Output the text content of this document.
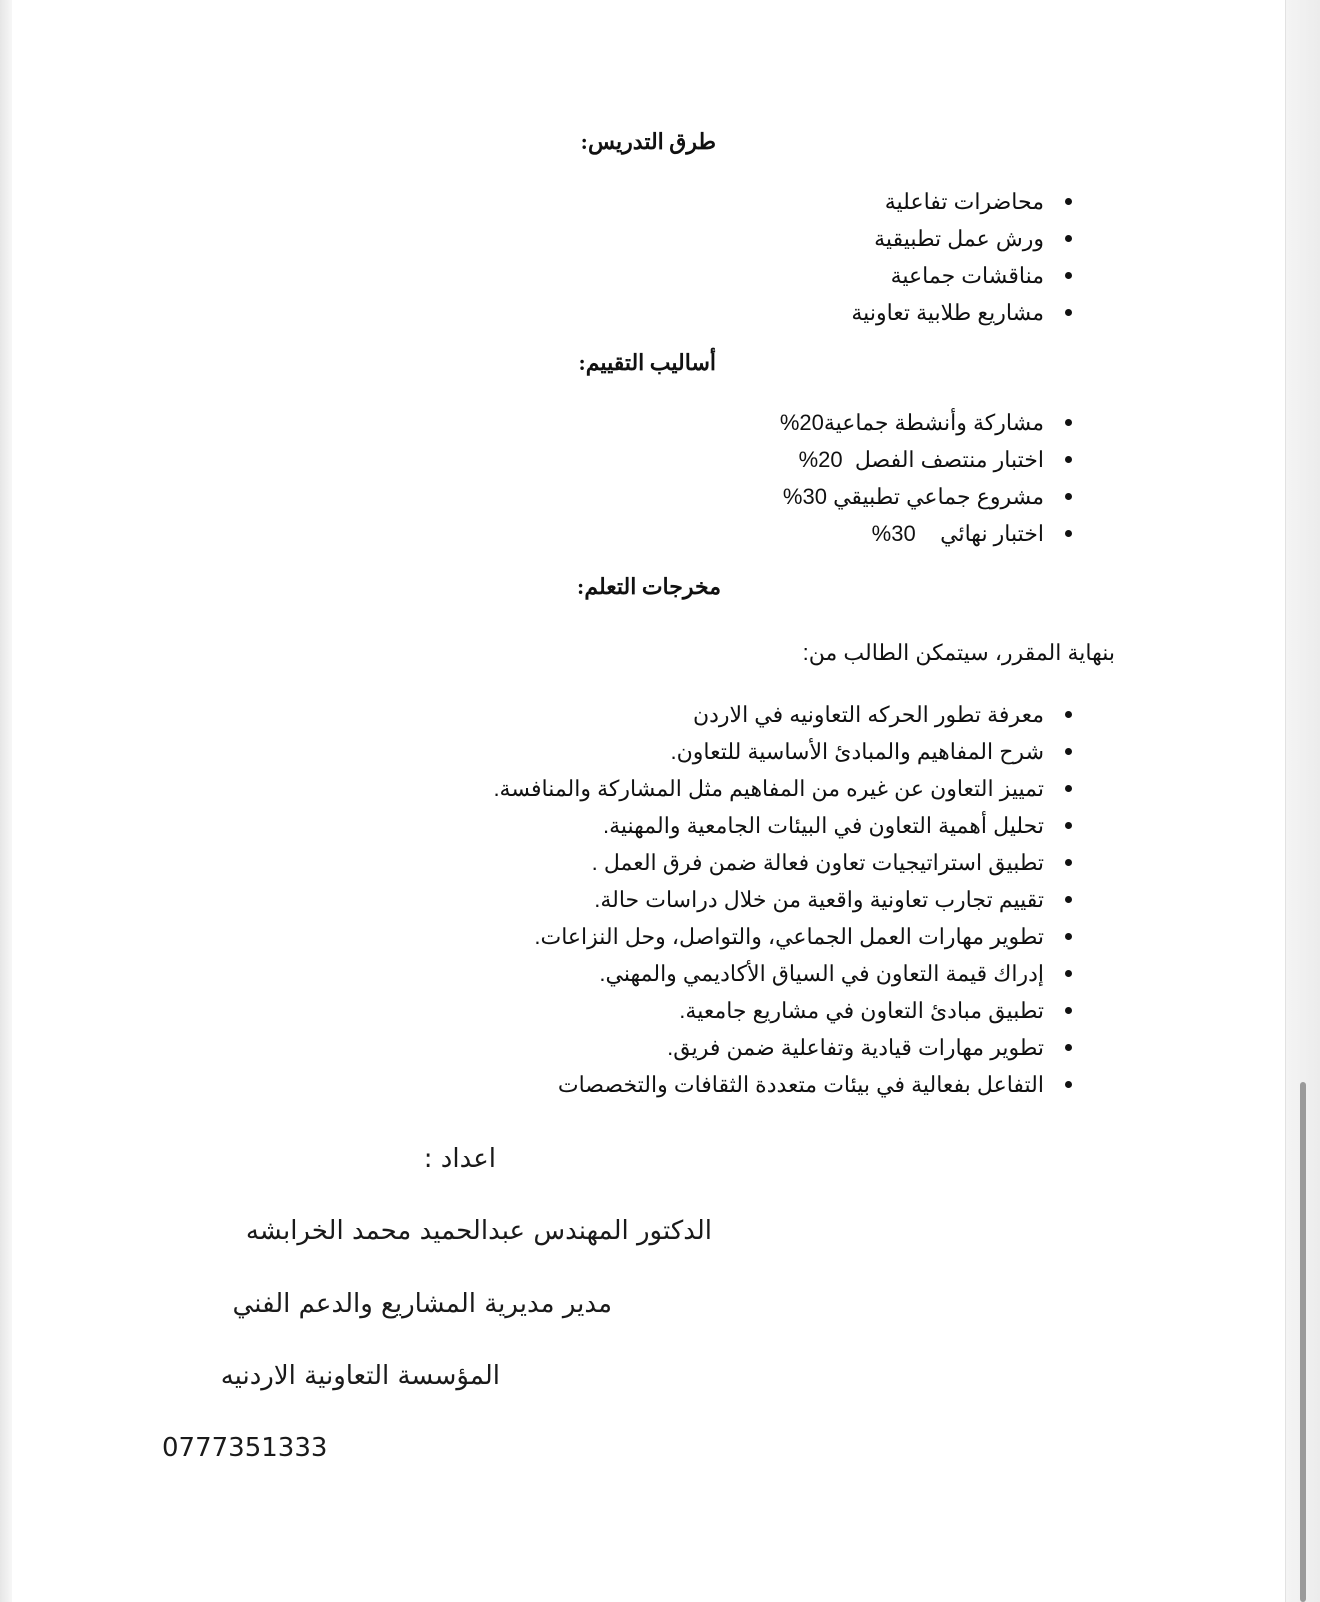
طرق التدريس:
محاضرات تفاعلية
ورش عمل تطبيقية
مناقشات جماعية
مشاريع طلابية تعاونية
أساليب التقييم:
مشاركة وأنشطة جماعية20%
اختبار منتصف الفصل  20%
مشروع جماعي تطبيقي 30%
اختبار نهائي    30%
مخرجات التعلم:
بنهاية المقرر، سيتمكن الطالب من:
معرفة تطور الحركه التعاونيه في الاردن
شرح المفاهيم والمبادئ الأساسية للتعاون.
تمييز التعاون عن غيره من المفاهيم مثل المشاركة والمنافسة.
تحليل أهمية التعاون في البيئات الجامعية والمهنية.
تطبيق استراتيجيات تعاون فعالة ضمن فرق العمل .
تقييم تجارب تعاونية واقعية من خلال دراسات حالة.
تطوير مهارات العمل الجماعي، والتواصل، وحل النزاعات.
إدراك قيمة التعاون في السياق الأكاديمي والمهني.
تطبيق مبادئ التعاون في مشاريع جامعية.
تطوير مهارات قيادية وتفاعلية ضمن فريق.
التفاعل بفعالية في بيئات متعددة الثقافات والتخصصات
اعداد :
الدكتور المهندس عبدالحميد محمد الخرابشه
مدير مديرية المشاريع والدعم الفني
المؤسسة التعاونية الاردنيه
0777351333
